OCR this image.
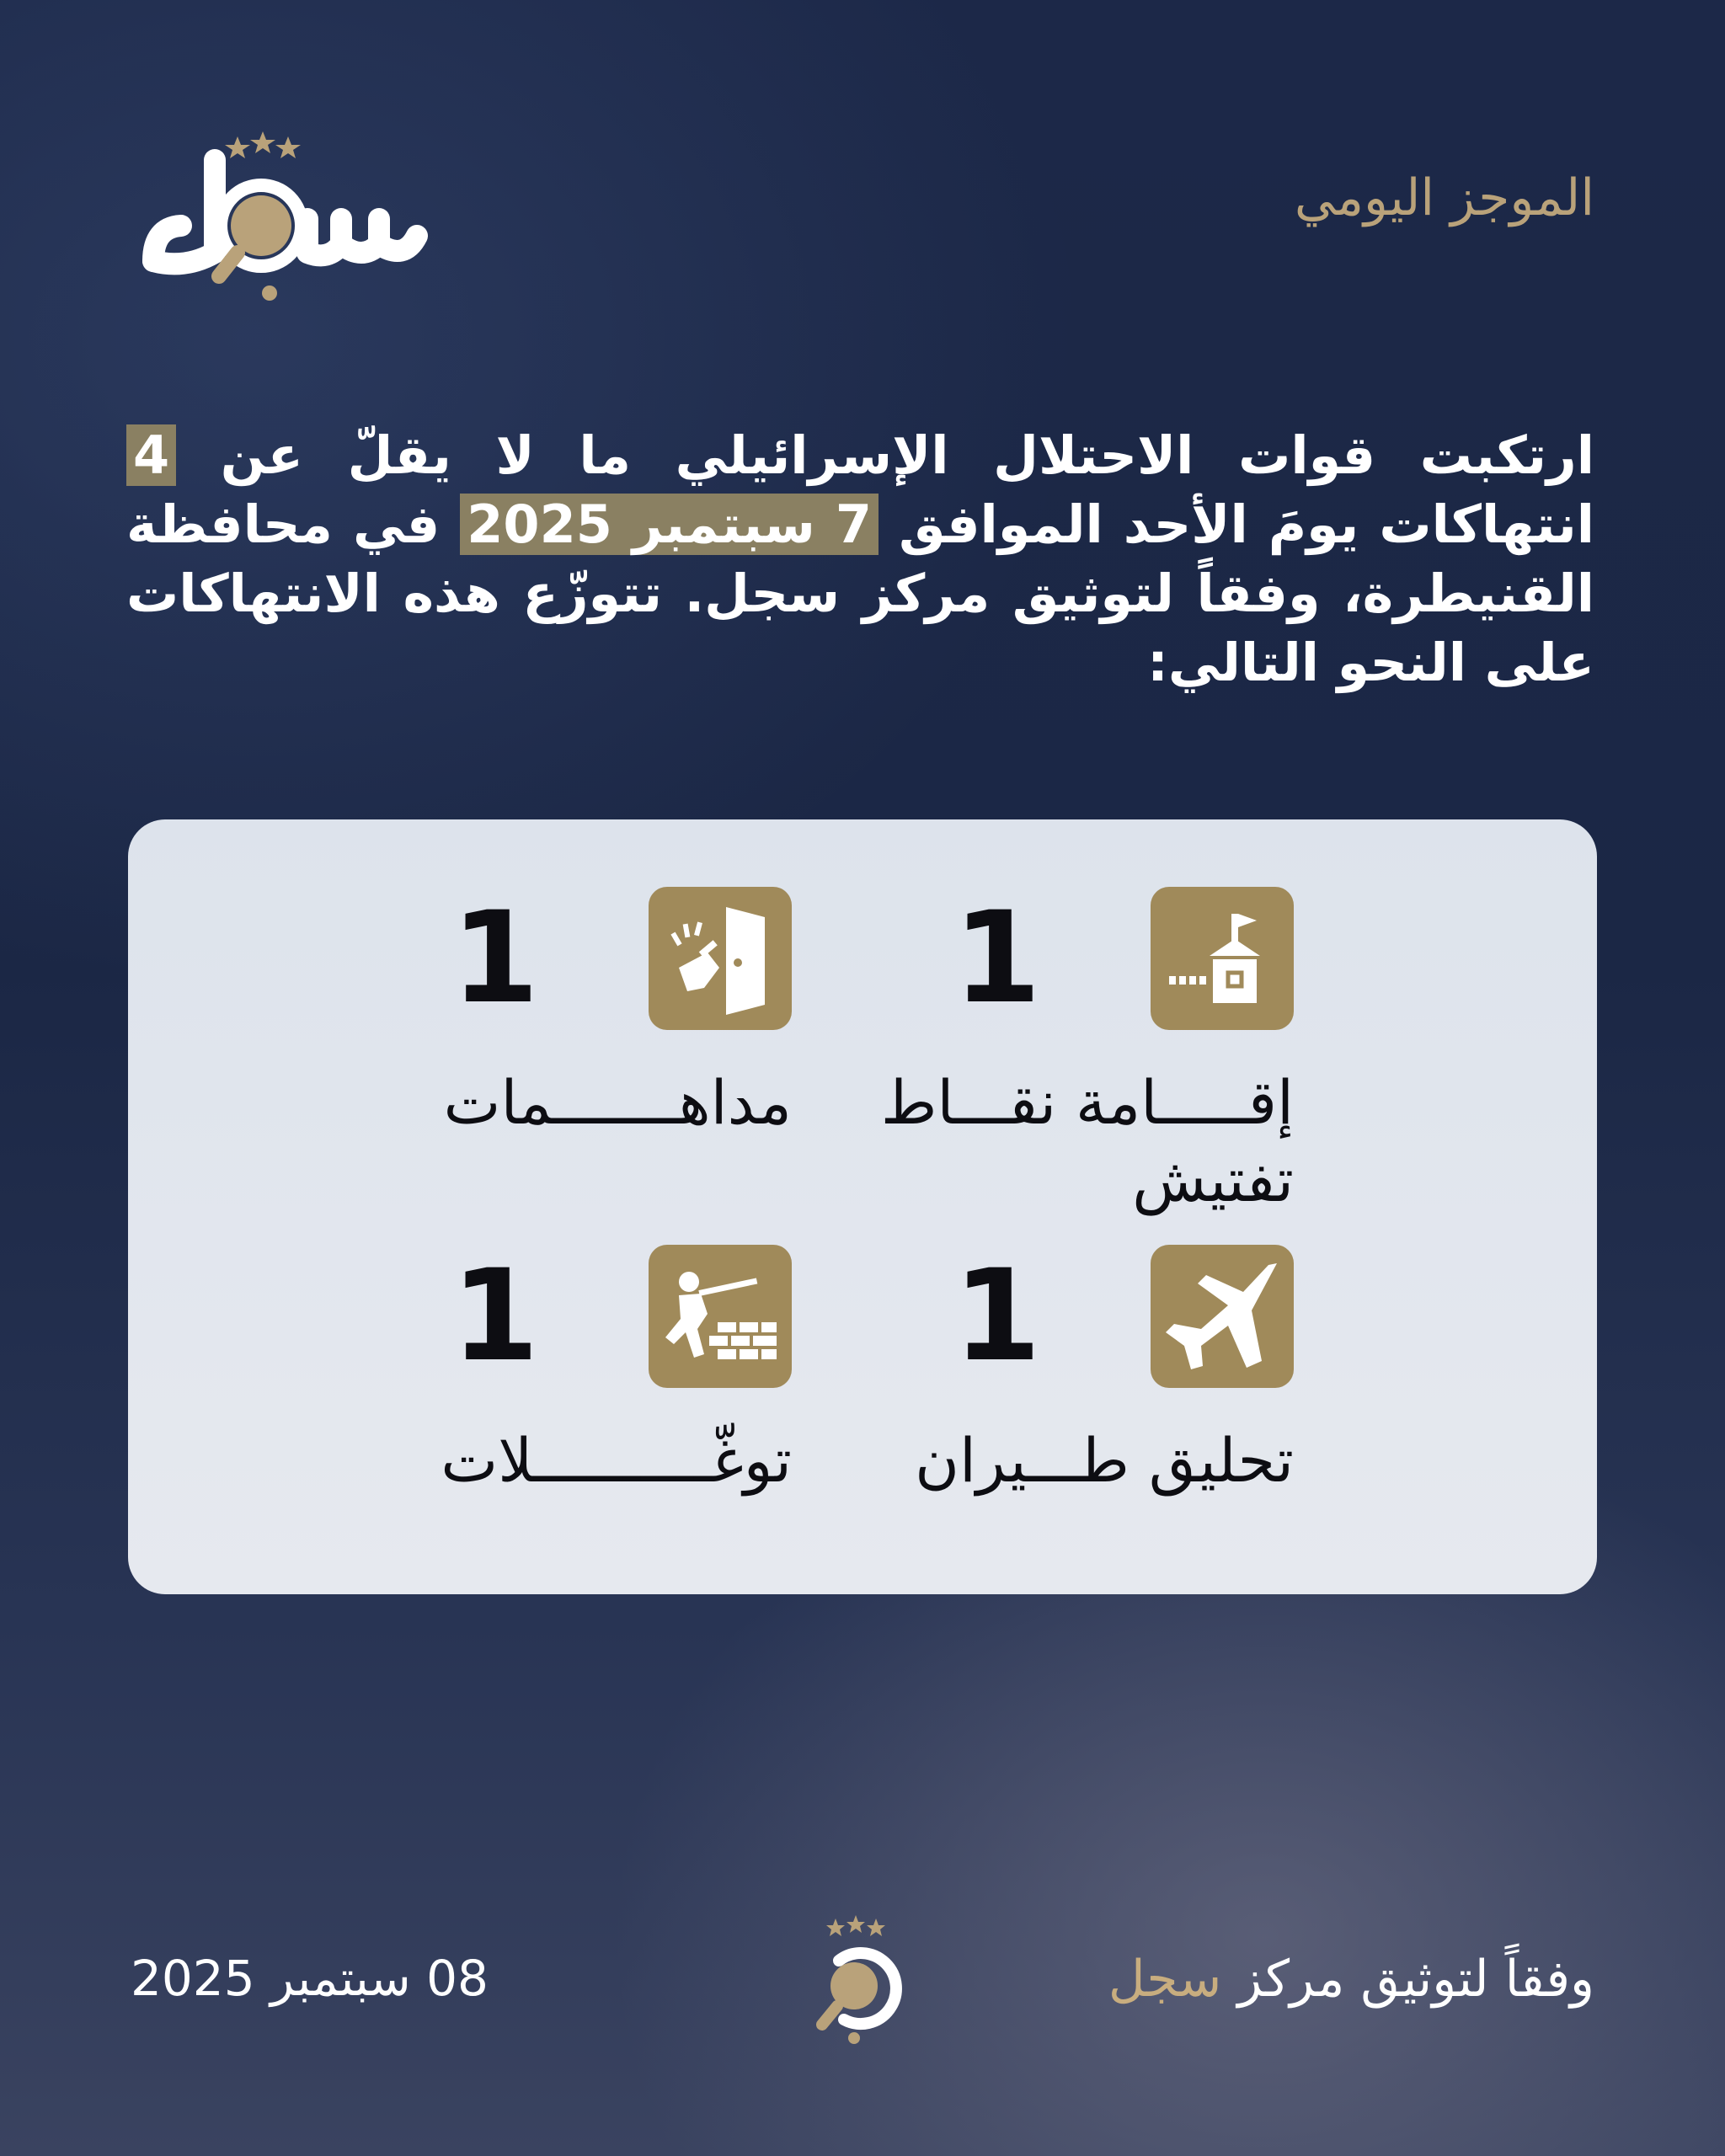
الموجز اليومي

ارتكبت قوات الاحتلال الإسرائيلي ما لا يقلّ عن 4 انتهاكات يومَ الأحد الموافق 7 سبتمبر 2025 في محافظة القنيطرة، وفقاً لتوثيق مركز سجل. تتوزّع هذه الانتهاكات على النحو التالي:

1
إقـــــامة نقـــاط تفتيش
1
مداهـــــــمات
1
تحليق طـــيران
1
توغّــــــــــلات
وفقاً لتوثيق مركز سجل
08 سبتمبر 2025
